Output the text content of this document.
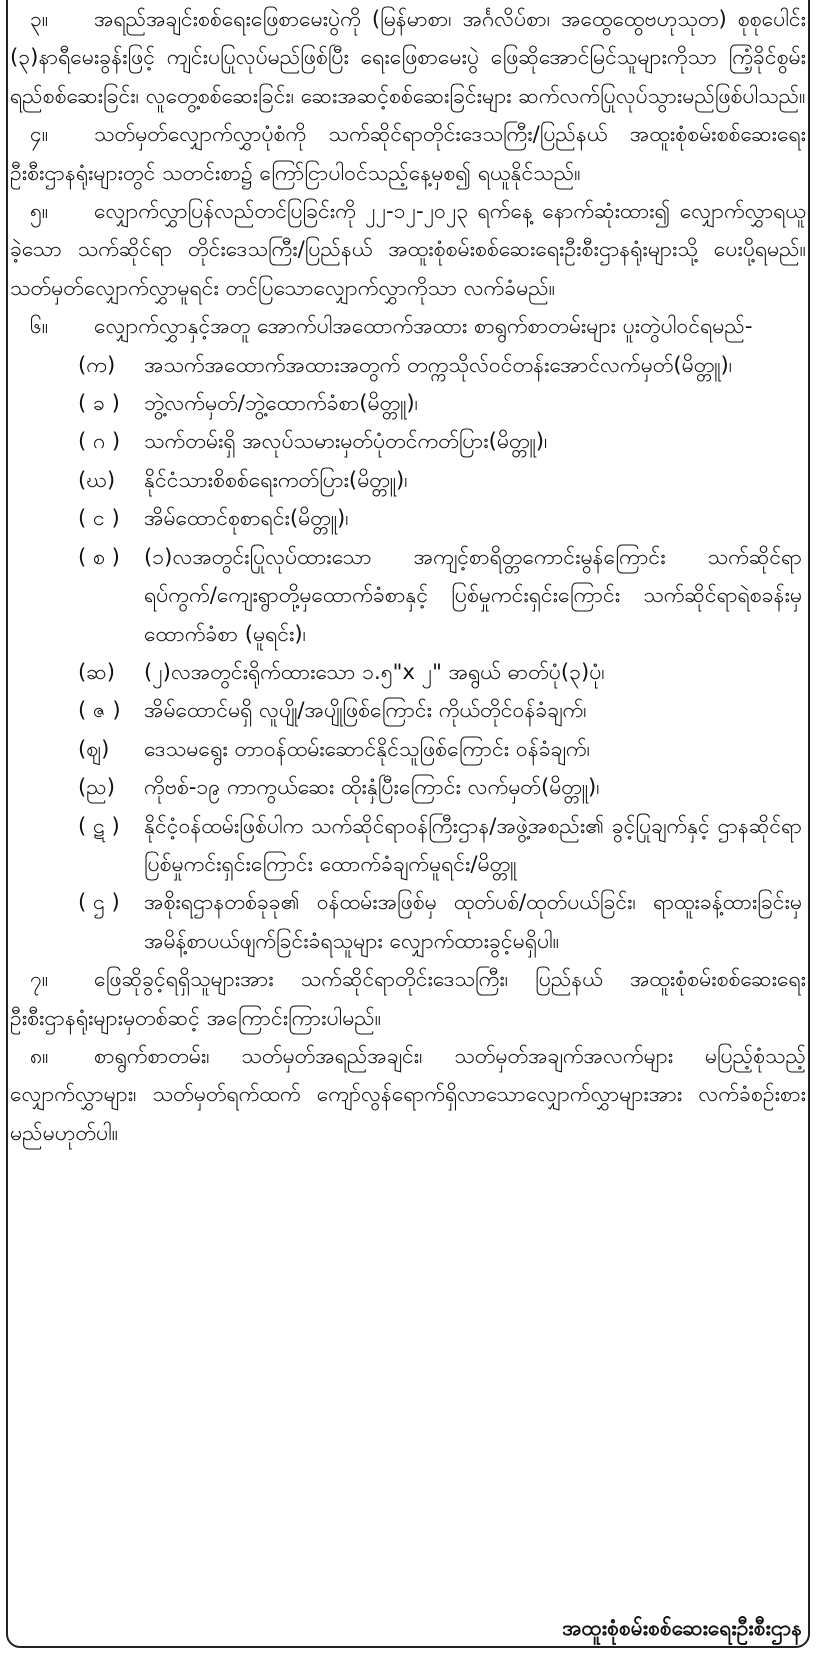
၃။ အရည်အချင်းစစ်ရေးဖြေစာမေးပွဲကို (မြန်မာစာ၊ အင်္ဂလိပ်စာ၊ အထွေထွေဗဟုသုတ) စုစုပေါင်း (၃)နာရီမေးခွန်းဖြင့် ကျင်းပပြုလုပ်မည်ဖြစ်ပြီး ရေးဖြေစာမေးပွဲ ဖြေဆိုအောင်မြင်သူများကိုသာ ကြံ့ခိုင်စွမ်းရည်စစ်ဆေးခြင်း၊ လူတွေ့စစ်ဆေးခြင်း၊ ဆေးအဆင့်စစ်ဆေးခြင်းများ ဆက်လက်ပြုလုပ်သွားမည်ဖြစ်ပါသည်။

၄။ သတ်မှတ်လျှောက်လွှာပုံစံကို သက်ဆိုင်ရာတိုင်းဒေသကြီး/ပြည်နယ် အထူးစုံစမ်းစစ်ဆေးရေးဦးစီးဌာနရုံးများတွင် သတင်းစာ၌ ကြော်ငြာပါဝင်သည့်နေ့မှစ၍ ရယူနိုင်သည်။

၅။ လျှောက်လွှာပြန်လည်တင်ပြခြင်းကို ၂၂-၁၂-၂၀၂၃ ရက်နေ့ နောက်ဆုံးထား၍ လျှောက်လွှာရယူခဲ့သော သက်ဆိုင်ရာ တိုင်းဒေသကြီး/ပြည်နယ် အထူးစုံစမ်းစစ်ဆေးရေးဦးစီးဌာနရုံးများသို့ ပေးပို့ရမည်။ သတ်မှတ်လျှောက်လွှာမူရင်း တင်ပြသောလျှောက်လွှာကိုသာ လက်ခံမည်။

၆။ လျှောက်လွှာနှင့်အတူ အောက်ပါအထောက်အထား စာရွက်စာတမ်းများ ပူးတွဲပါဝင်ရမည်-

(က)	အသက်အထောက်အထားအတွက် တက္ကသိုလ်ဝင်တန်းအောင်လက်မှတ်(မိတ္တူ)၊
( ခ )	ဘွဲ့လက်မှတ်/ဘွဲ့ထောက်ခံစာ(မိတ္တူ)၊
( ဂ )	သက်တမ်းရှိ အလုပ်သမားမှတ်ပုံတင်ကတ်ပြား(မိတ္တူ)၊
(ဃ)	နိုင်ငံသားစိစစ်ရေးကတ်ပြား(မိတ္တူ)၊
( င )	အိမ်ထောင်စုစာရင်း(မိတ္တူ)၊
( စ )	(၁)လအတွင်းပြုလုပ်ထားသော အကျင့်စာရိတ္တကောင်းမွန်ကြောင်း သက်ဆိုင်ရာရပ်ကွက်/ကျေးရွာတို့မှထောက်ခံစာနှင့် ပြစ်မှုကင်းရှင်းကြောင်း သက်ဆိုင်ရာရဲစခန်းမှ ထောက်ခံစာ (မူရင်း)၊
(ဆ)	(၂)လအတွင်းရိုက်ထားသော ၁.၅"x ၂" အရွယ် ဓာတ်ပုံ(၃)ပုံ၊
( ဇ )	အိမ်ထောင်မရှိ လူပျို/အပျိုဖြစ်ကြောင်း ကိုယ်တိုင်ဝန်ခံချက်၊
(ဈ)	ဒေသမရွေး တာဝန်ထမ်းဆောင်နိုင်သူဖြစ်ကြောင်း ဝန်ခံချက်၊
(ည)	ကိုဗစ်-၁၉ ကာကွယ်ဆေး ထိုးနှံပြီးကြောင်း လက်မှတ်(မိတ္တူ)၊
( ဋ )	နိုင်ငံ့ဝန်ထမ်းဖြစ်ပါက သက်ဆိုင်ရာဝန်ကြီးဌာန/အဖွဲ့အစည်း၏ ခွင့်ပြုချက်နှင့် ဌာနဆိုင်ရာပြစ်မှုကင်းရှင်းကြောင်း ထောက်ခံချက်မူရင်း/မိတ္တူ
( ဌ )	အစိုးရဌာနတစ်ခုခု၏ ဝန်ထမ်းအဖြစ်မှ ထုတ်ပစ်/ထုတ်ပယ်ခြင်း၊ ရာထူးခန့်ထားခြင်းမှ အမိန့်စာပယ်ဖျက်ခြင်းခံရသူများ လျှောက်ထားခွင့်မရှိပါ။

၇။ ဖြေဆိုခွင့်ရရှိသူများအား သက်ဆိုင်ရာတိုင်းဒေသကြီး၊ ပြည်နယ် အထူးစုံစမ်းစစ်ဆေးရေးဦးစီးဌာနရုံးများမှတစ်ဆင့် အကြောင်းကြားပါမည်။

၈။ စာရွက်စာတမ်း၊ သတ်မှတ်အရည်အချင်း၊ သတ်မှတ်အချက်အလက်များ မပြည့်စုံသည့်လျှောက်လွှာများ၊ သတ်မှတ်ရက်ထက် ကျော်လွန်ရောက်ရှိလာသောလျှောက်လွှာများအား လက်ခံစဉ်းစားမည်မဟုတ်ပါ။

အထူးစုံစမ်းစစ်ဆေးရေးဦးစီးဌာန
